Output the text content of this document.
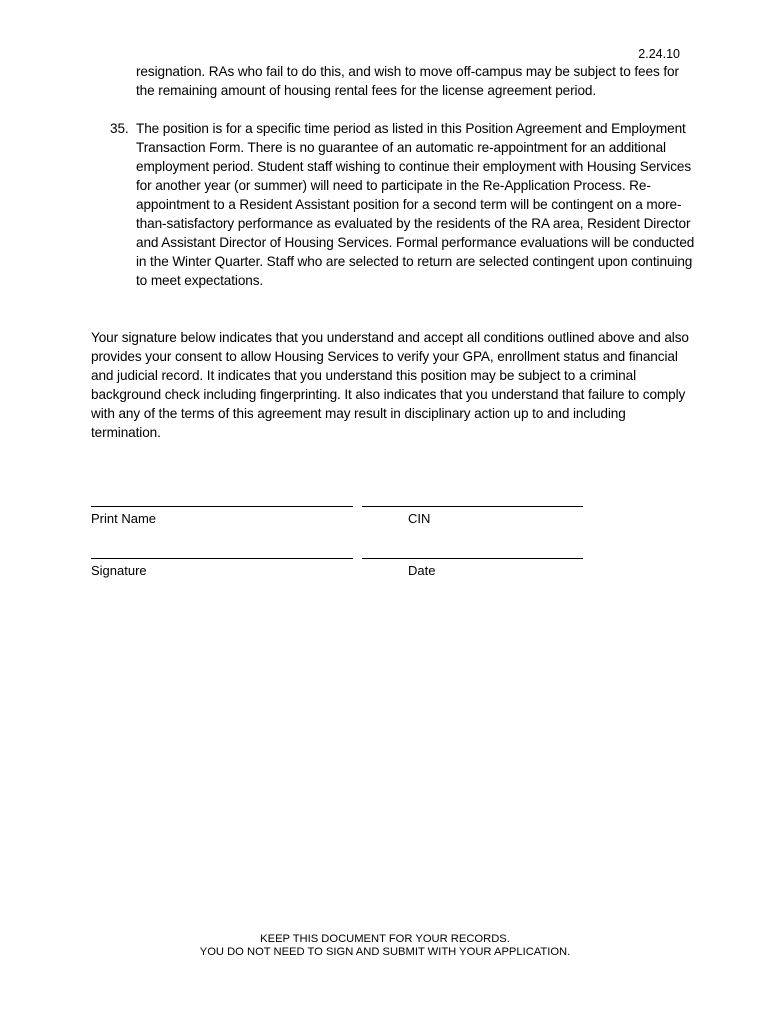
2.24.10

resignation. RAs who fail to do this, and wish to move off-campus may be subject to fees for the remaining amount of housing rental fees for the license agreement period.

35. The position is for a specific time period as listed in this Position Agreement and Employment Transaction Form. There is no guarantee of an automatic re-appointment for an additional employment period. Student staff wishing to continue their employment with Housing Services for another year (or summer) will need to participate in the Re-Application Process. Re-appointment to a Resident Assistant position for a second term will be contingent on a more-than-satisfactory performance as evaluated by the residents of the RA area, Resident Director and Assistant Director of Housing Services. Formal performance evaluations will be conducted in the Winter Quarter. Staff who are selected to return are selected contingent upon continuing to meet expectations.

Your signature below indicates that you understand and accept all conditions outlined above and also provides your consent to allow Housing Services to verify your GPA, enrollment status and financial and judicial record. It indicates that you understand this position may be subject to a criminal background check including fingerprinting. It also indicates that you understand that failure to comply with any of the terms of this agreement may result in disciplinary action up to and including termination.

Print Name	CIN
Signature	Date
KEEP THIS DOCUMENT FOR YOUR RECORDS.
YOU DO NOT NEED TO SIGN AND SUBMIT WITH YOUR APPLICATION.
